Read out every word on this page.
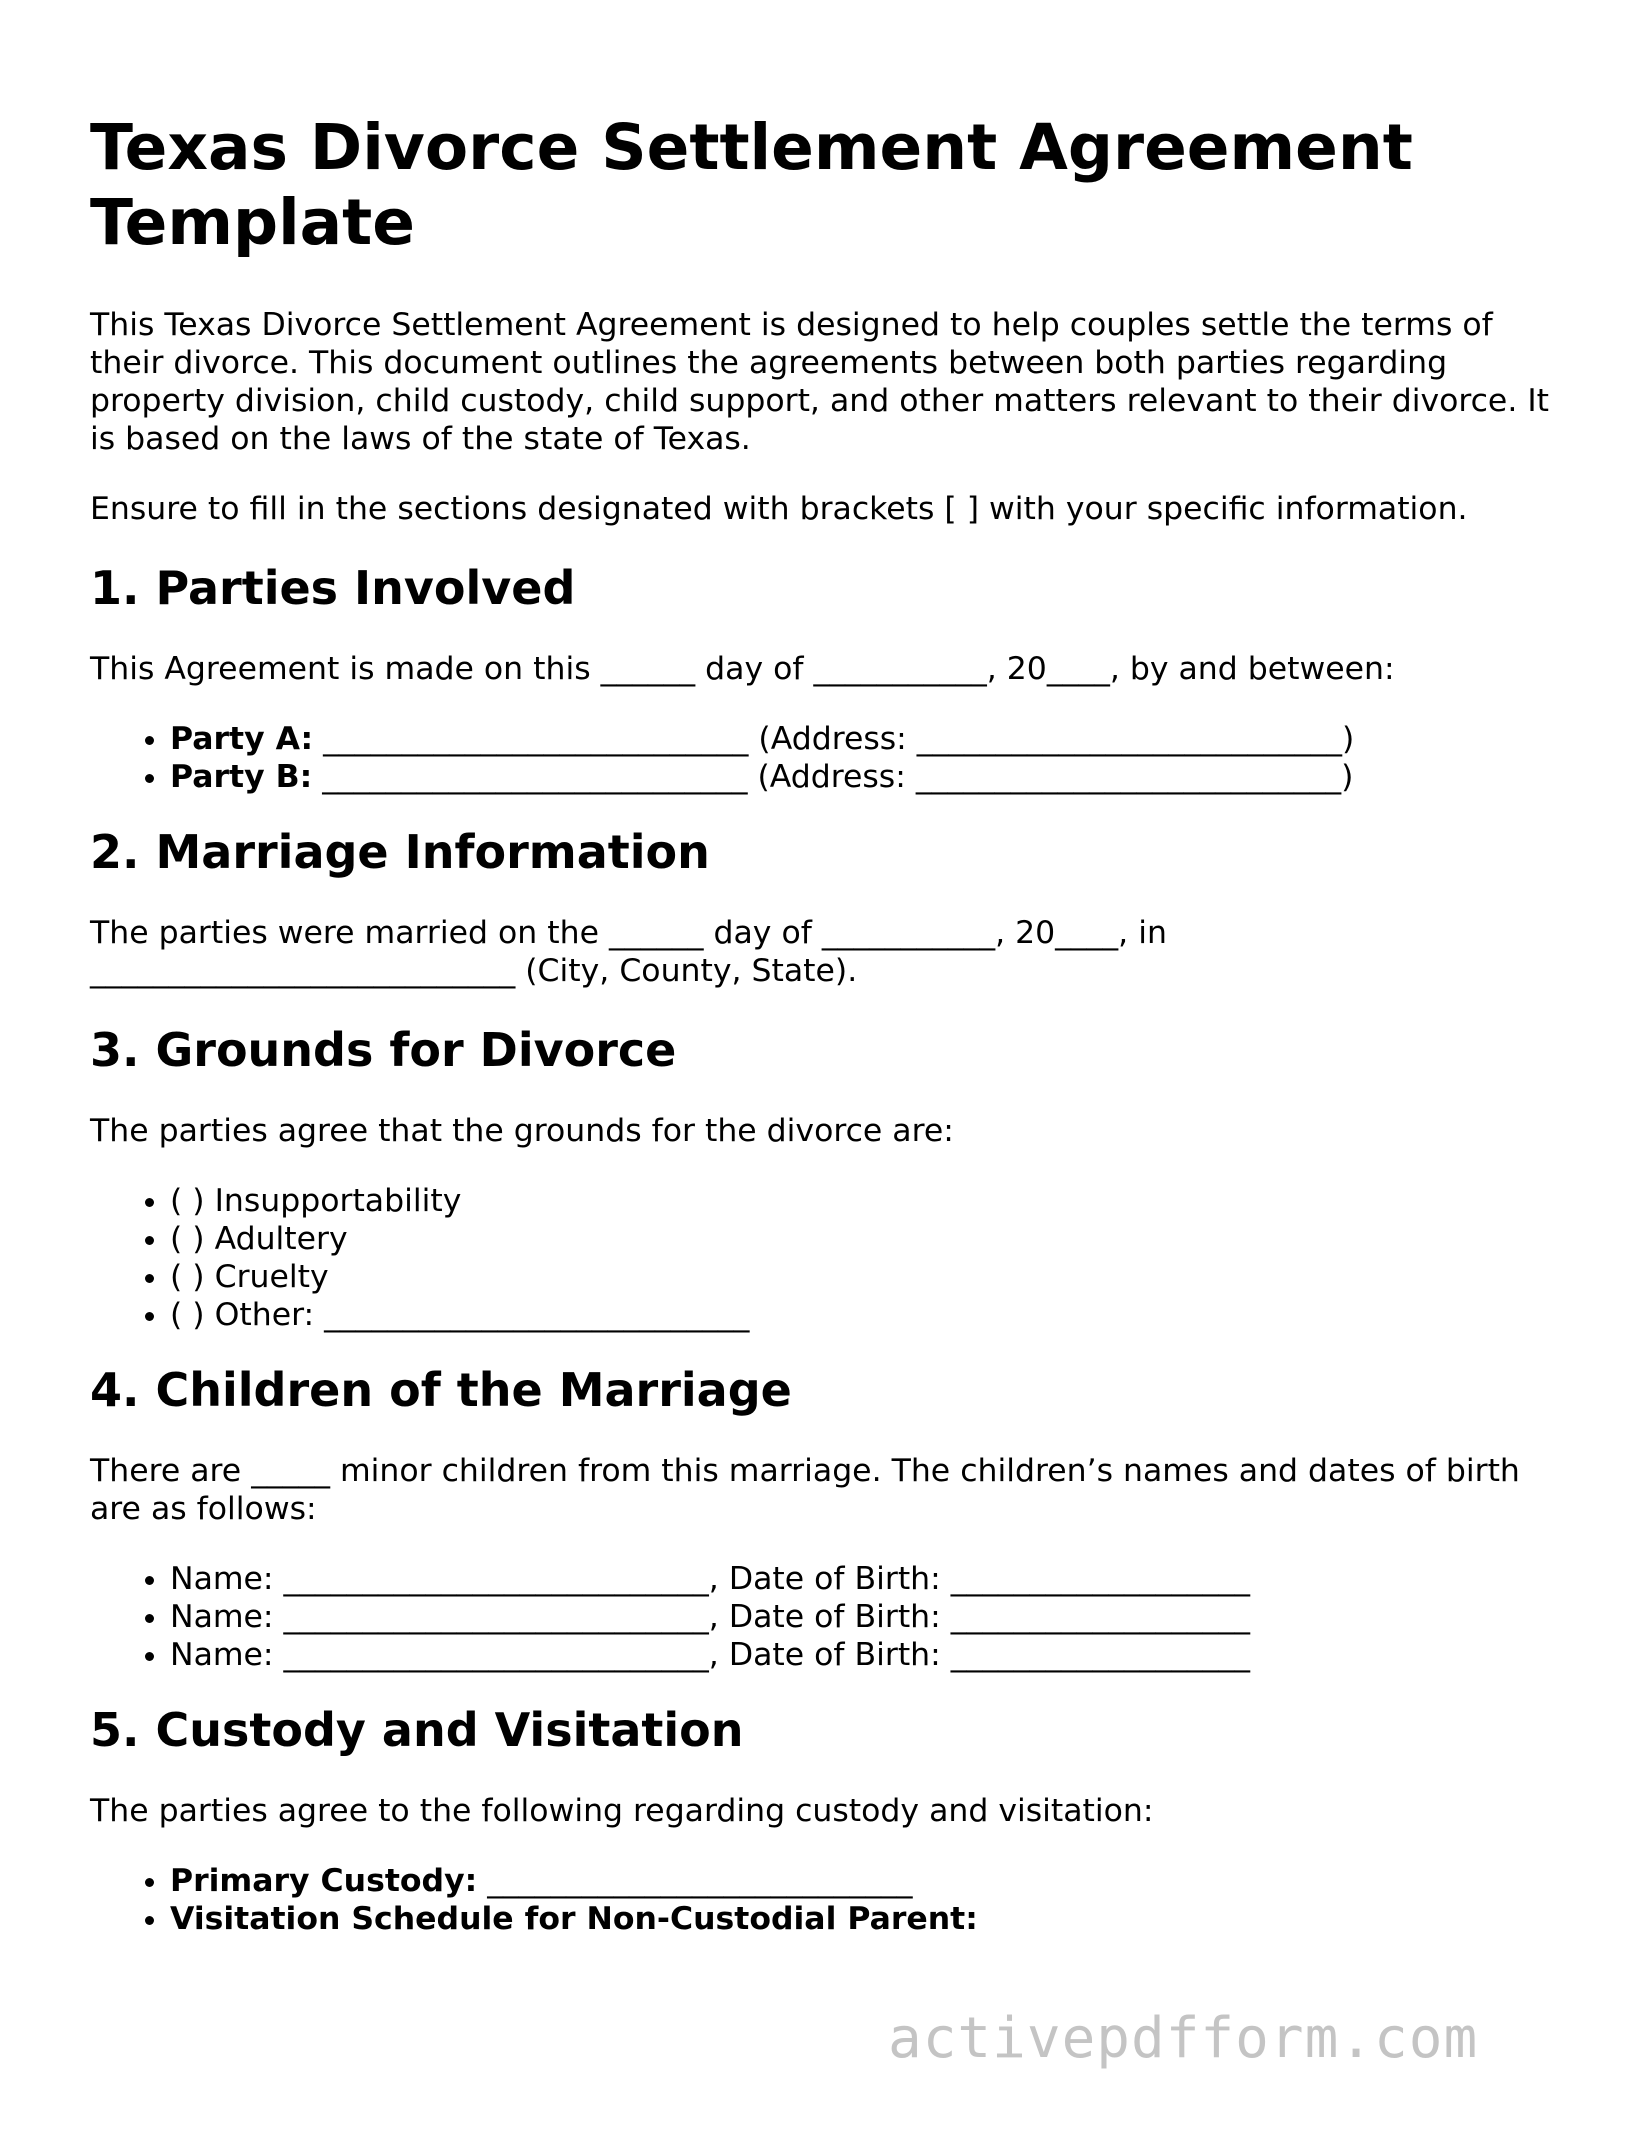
Texas Divorce Settlement Agreement Template

This Texas Divorce Settlement Agreement is designed to help couples settle the terms of their divorce. This document outlines the agreements between both parties regarding property division, child custody, child support, and other matters relevant to their divorce. It is based on the laws of the state of Texas.

Ensure to fill in the sections designated with brackets [ ] with your specific information.

1. Parties Involved

This Agreement is made on this ______ day of ___________, 20____, by and between:

• Party A: ___________________________ (Address: ___________________________)
• Party B: ___________________________ (Address: ___________________________)
2. Marriage Information

The parties were married on the ______ day of ___________, 20____, in ___________________________ (City, County, State).

3. Grounds for Divorce

The parties agree that the grounds for the divorce are:

• ( ) Insupportability
• ( ) Adultery
• ( ) Cruelty
• ( ) Other: ___________________________
4. Children of the Marriage

There are _____ minor children from this marriage. The children’s names and dates of birth are as follows:

• Name: ___________________________, Date of Birth: ___________________
• Name: ___________________________, Date of Birth: ___________________
• Name: ___________________________, Date of Birth: ___________________
5. Custody and Visitation

The parties agree to the following regarding custody and visitation:

• Primary Custody: ___________________________
• Visitation Schedule for Non-Custodial Parent:
activepdfform.com
